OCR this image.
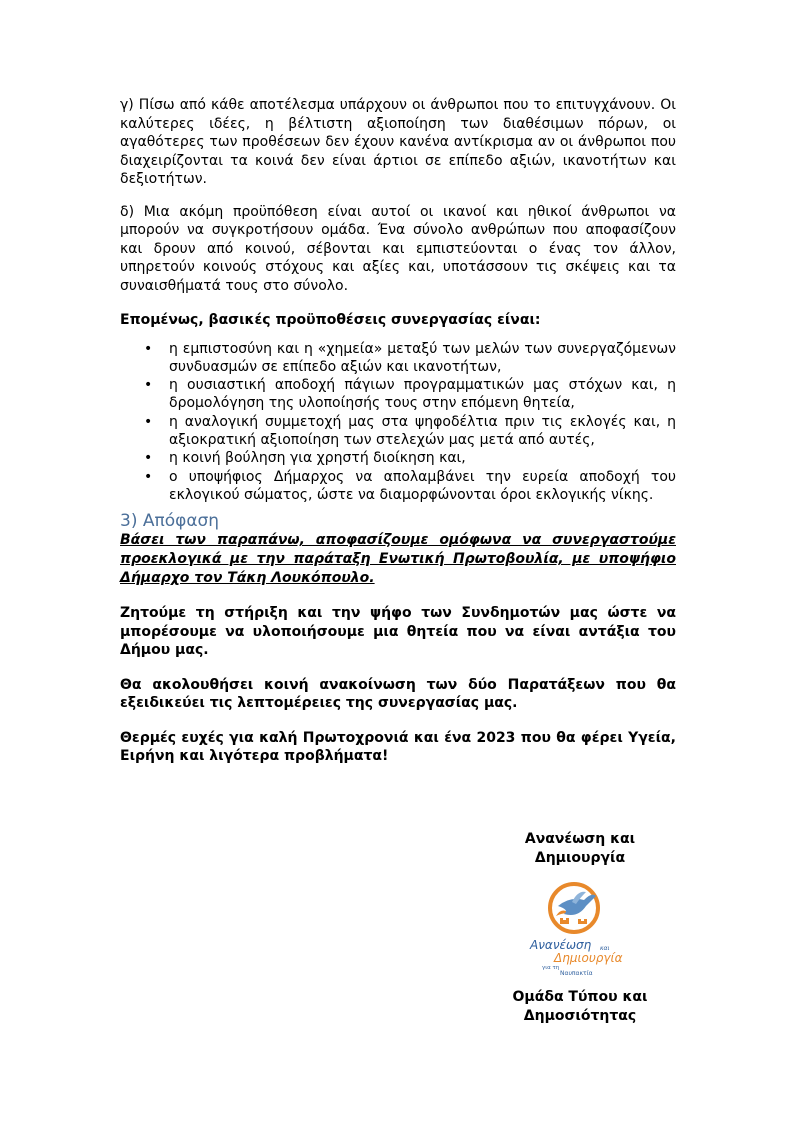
γ) Πίσω από κάθε αποτέλεσμα υπάρχουν οι άνθρωποι που το επιτυγχάνουν. Οι καλύτερες ιδέες, η βέλτιστη αξιοποίηση των διαθέσιμων πόρων, οι αγαθότερες των προθέσεων δεν έχουν κανένα αντίκρισμα αν οι άνθρωποι που διαχειρίζονται τα κοινά δεν είναι άρτιοι σε επίπεδο αξιών, ικανοτήτων και δεξιοτήτων.

δ) Μια ακόμη προϋπόθεση είναι αυτοί οι ικανοί και ηθικοί άνθρωποι να μπορούν να συγκροτήσουν ομάδα. Ένα σύνολο ανθρώπων που αποφασίζουν και δρουν από κοινού, σέβονται και εμπιστεύονται ο ένας τον άλλον, υπηρετούν κοινούς στόχους και αξίες και, υποτάσσουν τις σκέψεις και τα συναισθήματά τους στο σύνολο.

Επομένως, βασικές προϋποθέσεις συνεργασίας είναι:

• η εμπιστοσύνη και η «χημεία» μεταξύ των μελών των συνεργαζόμενων συνδυασμών σε επίπεδο αξιών και ικανοτήτων,
• η ουσιαστική αποδοχή πάγιων προγραμματικών μας στόχων και, η δρομολόγηση της υλοποίησής τους στην επόμενη θητεία,
• η αναλογική συμμετοχή μας στα ψηφοδέλτια πριν τις εκλογές και, η αξιοκρατική αξιοποίηση των στελεχών μας μετά από αυτές,
• η κοινή βούληση για χρηστή διοίκηση και,
• ο υποψήφιος Δήμαρχος να απολαμβάνει την ευρεία αποδοχή του εκλογικού σώματος, ώστε να διαμορφώνονται όροι εκλογικής νίκης.
3) Απόφαση

Βάσει των παραπάνω, αποφασίζουμε ομόφωνα να συνεργαστούμε προεκλογικά με την παράταξη Ενωτική Πρωτοβουλία, με υποψήφιο Δήμαρχο τον Τάκη Λουκόπουλο.

Ζητούμε τη στήριξη και την ψήφο των Συνδημοτών μας ώστε να μπορέσουμε να υλοποιήσουμε μια θητεία που να είναι αντάξια του Δήμου μας.

Θα ακολουθήσει κοινή ανακοίνωση των δύο Παρατάξεων που θα εξειδικεύει τις λεπτομέρειες της συνεργασίας μας.

Θερμές ευχές για καλή Πρωτοχρονιά και ένα 2023 που θα φέρει Υγεία, Ειρήνη και λιγότερα προβλήματα!

Ανανέωση και
Δημιουργία
Ανανέωση και
Δημιουργία
για τη
Ναυπακτία
Ομάδα Τύπου και
Δημοσιότητας
